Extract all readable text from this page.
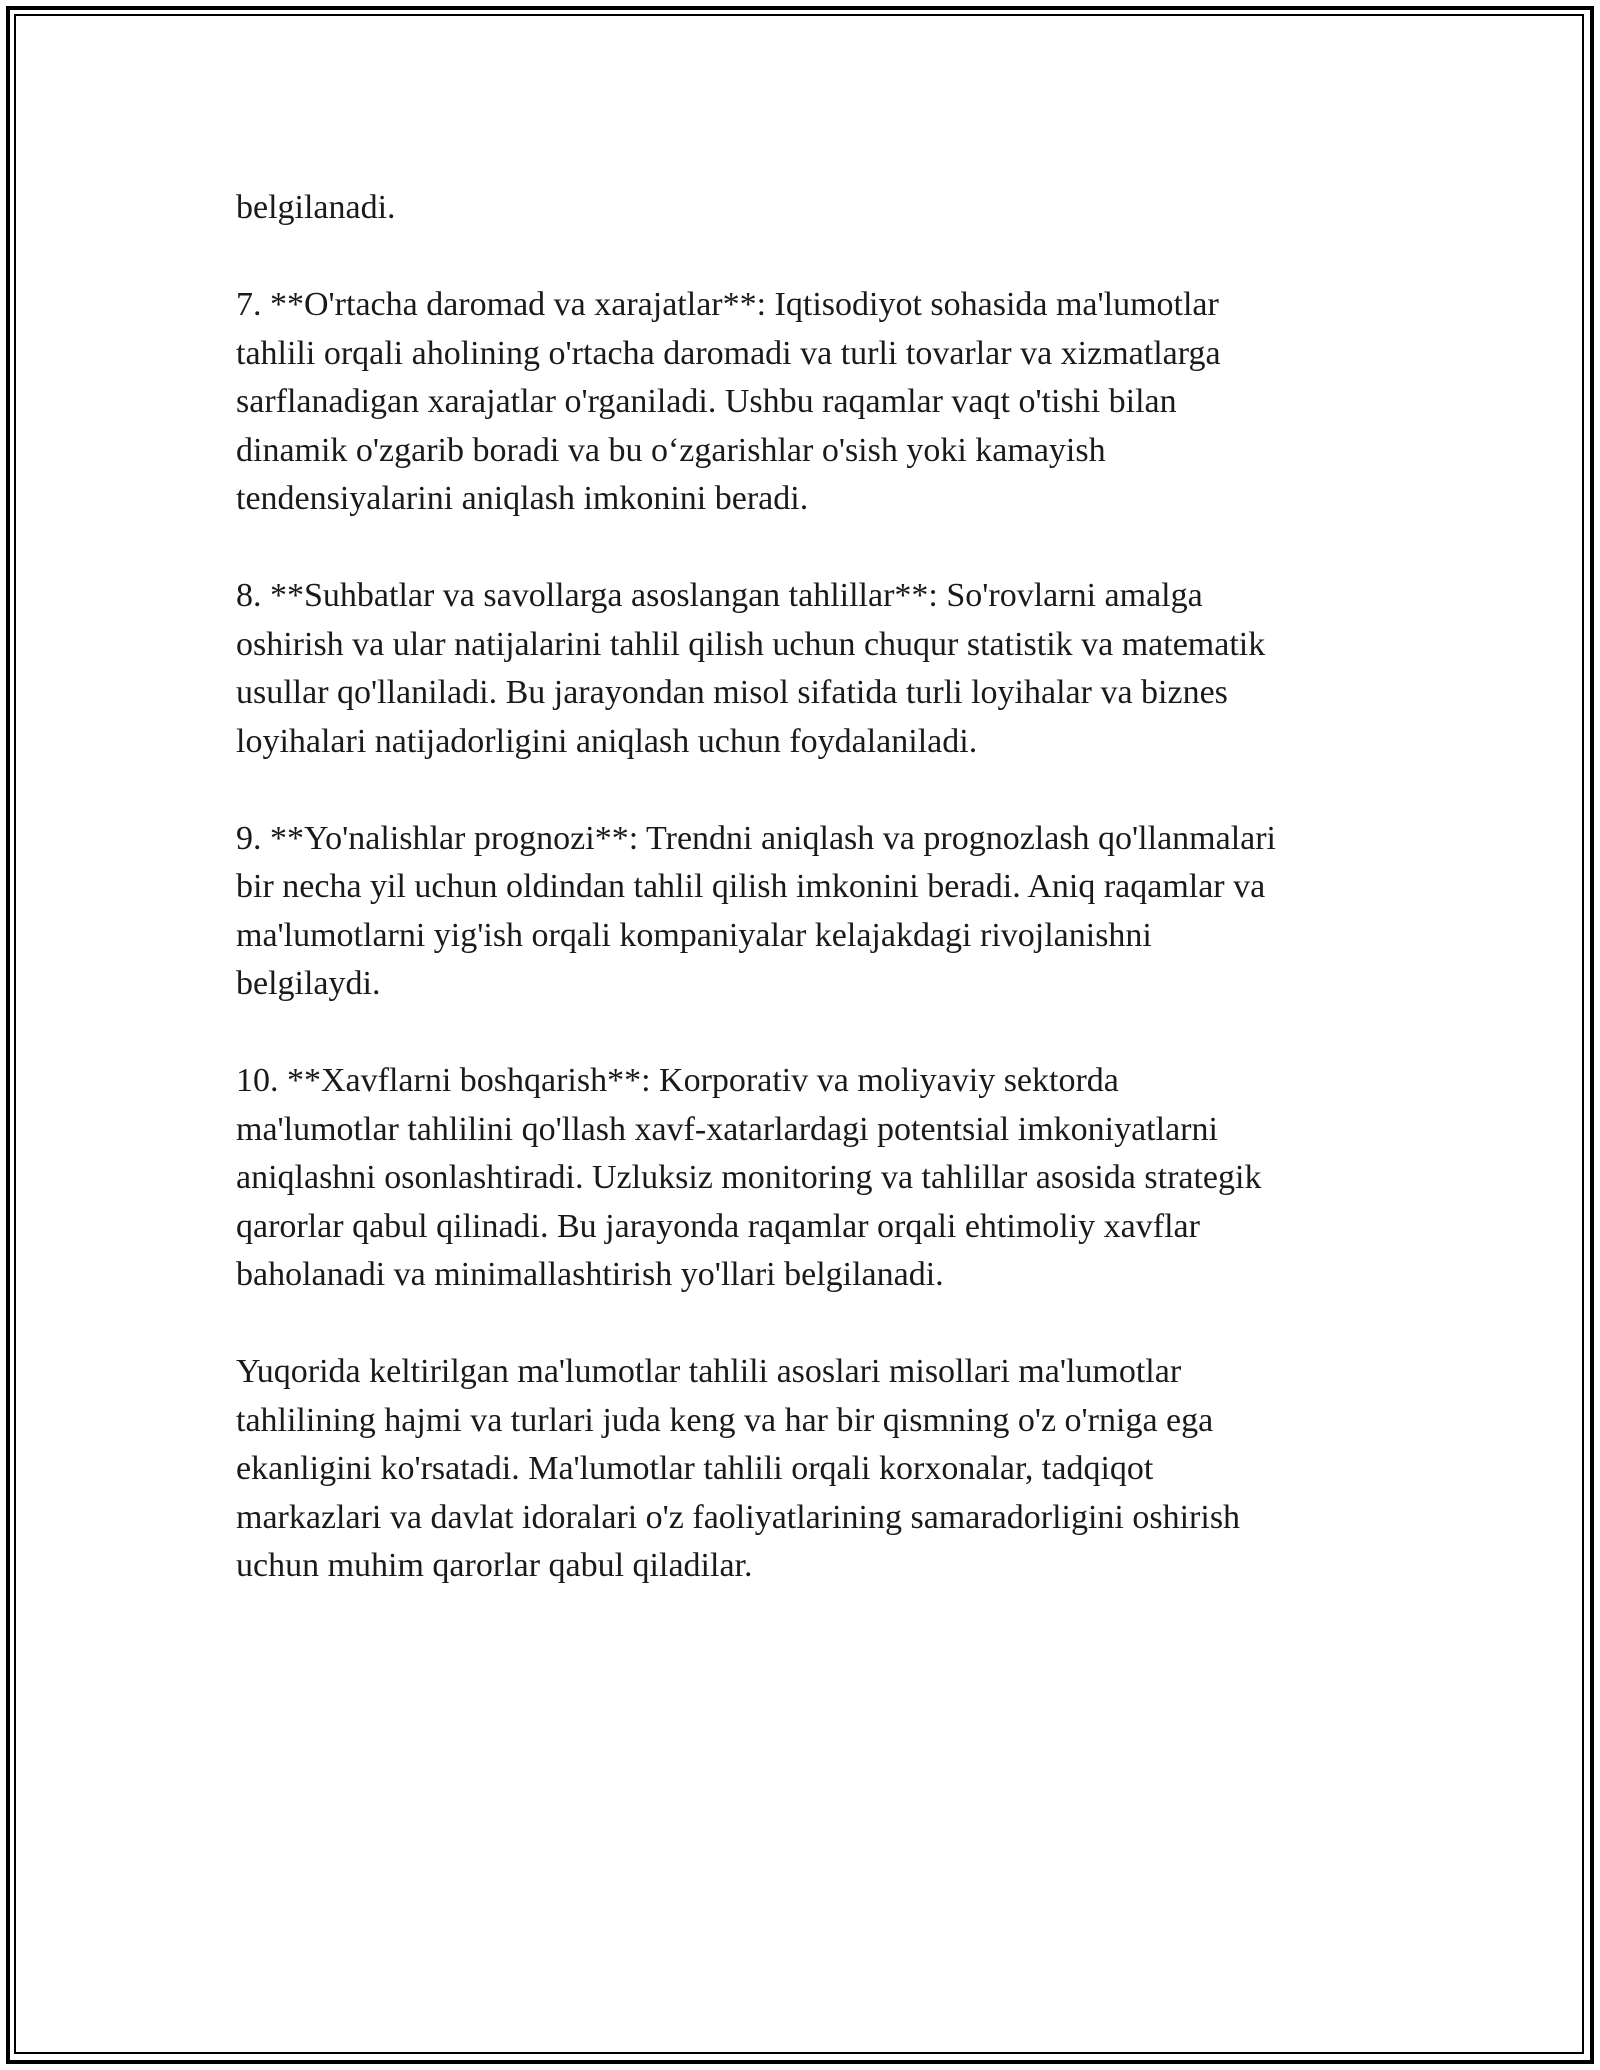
belgilanadi.

7. **O'rtacha daromad va xarajatlar**: Iqtisodiyot sohasida ma'lumotlar
tahlili orqali aholining o'rtacha daromadi va turli tovarlar va xizmatlarga
sarflanadigan xarajatlar o'rganiladi. Ushbu raqamlar vaqt o'tishi bilan
dinamik o'zgarib boradi va bu o‘zgarishlar o'sish yoki kamayish
tendensiyalarini aniqlash imkonini beradi.

8. **Suhbatlar va savollarga asoslangan tahlillar**: So'rovlarni amalga
oshirish va ular natijalarini tahlil qilish uchun chuqur statistik va matematik
usullar qo'llaniladi. Bu jarayondan misol sifatida turli loyihalar va biznes
loyihalari natijadorligini aniqlash uchun foydalaniladi.

9. **Yo'nalishlar prognozi**: Trendni aniqlash va prognozlash qo'llanmalari
bir necha yil uchun oldindan tahlil qilish imkonini beradi. Aniq raqamlar va
ma'lumotlarni yig'ish orqali kompaniyalar kelajakdagi rivojlanishni
belgilaydi.

10. **Xavflarni boshqarish**: Korporativ va moliyaviy sektorda
ma'lumotlar tahlilini qo'llash xavf-xatarlardagi potentsial imkoniyatlarni
aniqlashni osonlashtiradi. Uzluksiz monitoring va tahlillar asosida strategik
qarorlar qabul qilinadi. Bu jarayonda raqamlar orqali ehtimoliy xavflar
baholanadi va minimallashtirish yo'llari belgilanadi.

Yuqorida keltirilgan ma'lumotlar tahlili asoslari misollari ma'lumotlar
tahlilining hajmi va turlari juda keng va har bir qismning o'z o'rniga ega
ekanligini ko'rsatadi. Ma'lumotlar tahlili orqali korxonalar, tadqiqot
markazlari va davlat idoralari o'z faoliyatlarining samaradorligini oshirish
uchun muhim qarorlar qabul qiladilar.
